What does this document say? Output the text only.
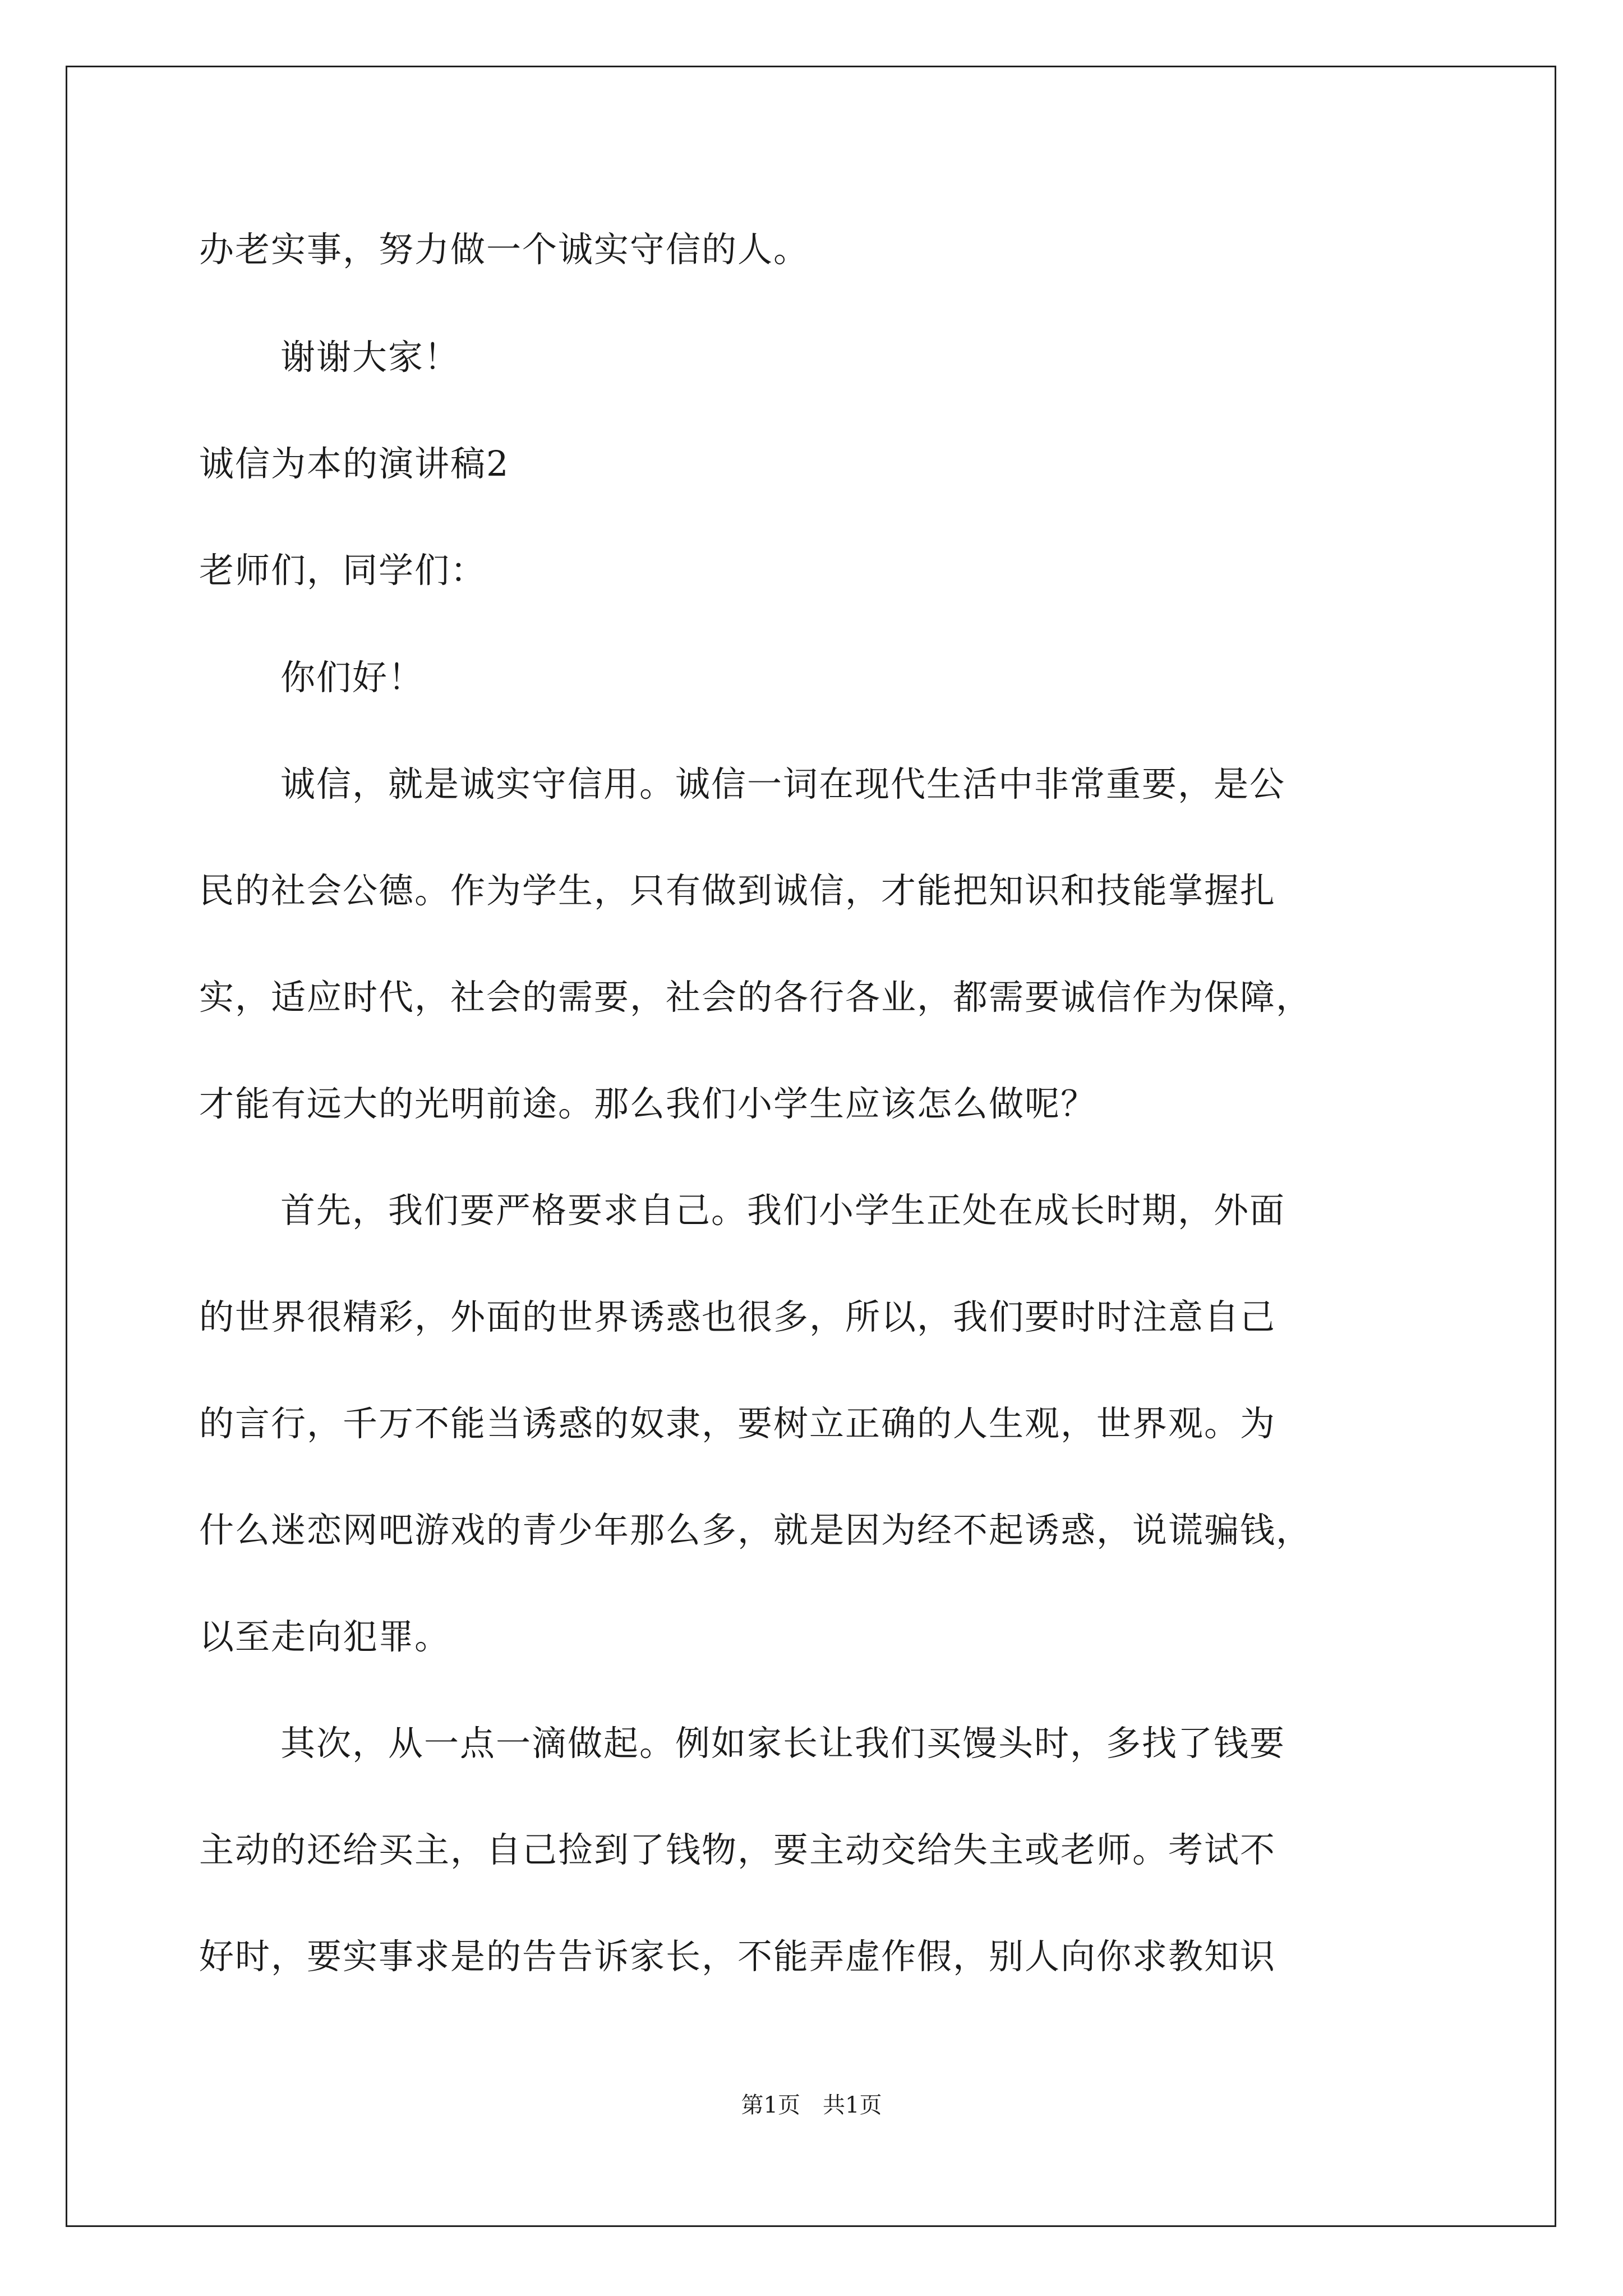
办老实事，努力做一个诚实守信的人。
谢谢大家！
诚信为本的演讲稿2
老师们，同学们：
你们好！
诚信，就是诚实守信用。诚信一词在现代生活中非常重要，是公
民的社会公德。作为学生，只有做到诚信，才能把知识和技能掌握扎
实，适应时代，社会的需要，社会的各行各业，都需要诚信作为保障，
才能有远大的光明前途。那么我们小学生应该怎么做呢？
首先，我们要严格要求自己。我们小学生正处在成长时期，外面
的世界很精彩，外面的世界诱惑也很多，所以，我们要时时注意自己
的言行，千万不能当诱惑的奴隶，要树立正确的人生观，世界观。为
什么迷恋网吧游戏的青少年那么多，就是因为经不起诱惑，说谎骗钱，
以至走向犯罪。
其次，从一点一滴做起。例如家长让我们买馒头时，多找了钱要
主动的还给买主，自己捡到了钱物，要主动交给失主或老师。考试不
好时，要实事求是的告告诉家长，不能弄虚作假，别人向你求教知识
第1页　共1页
